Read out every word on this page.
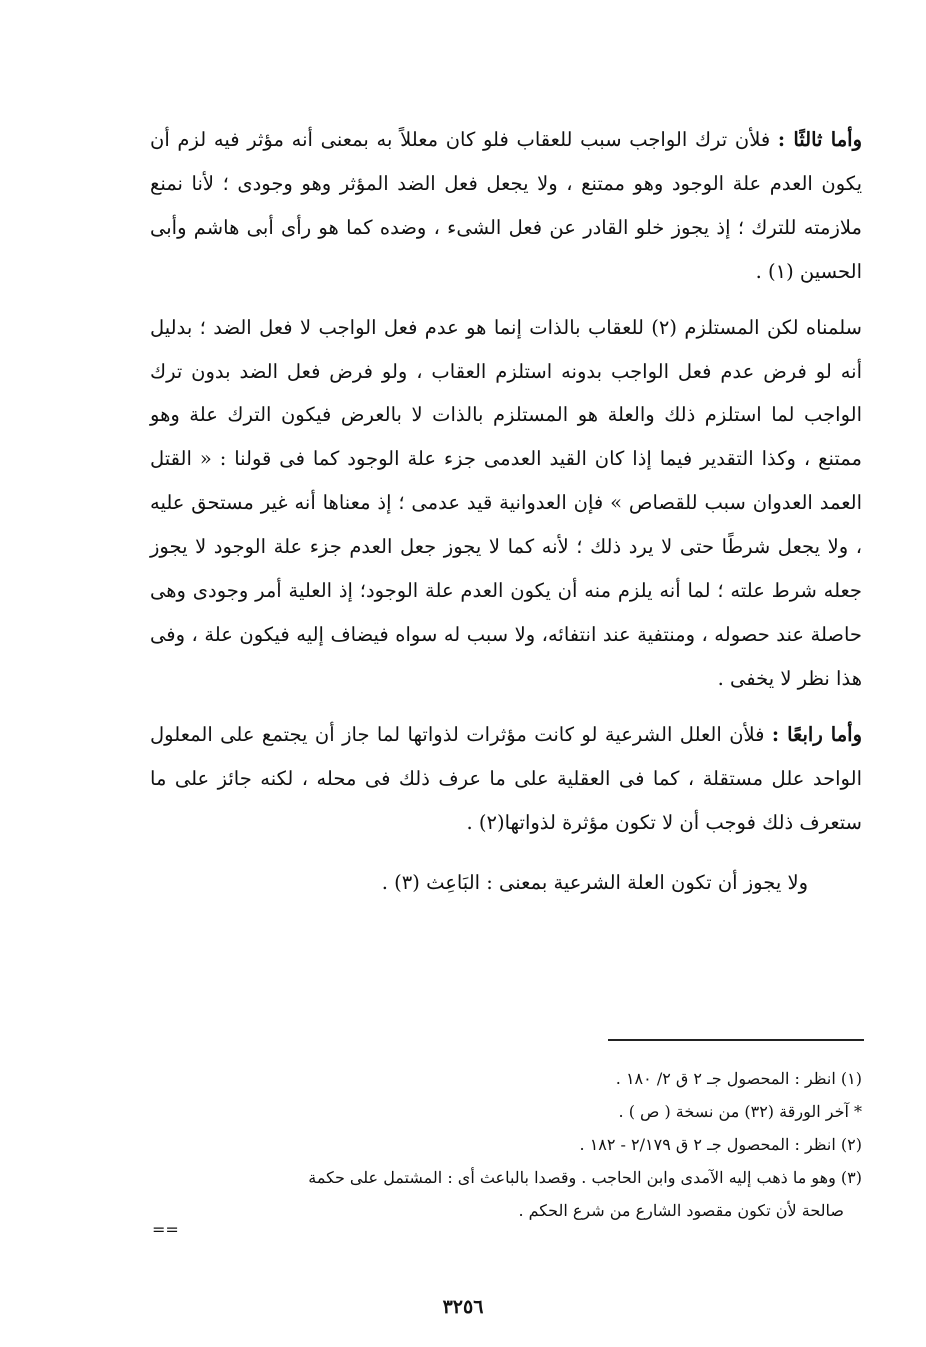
وأما ثالثًا : فلأن ترك الواجب سبب للعقاب فلو كان معللاً به بمعنى أنه مؤثر فيه لزم أن يكون العدم علة الوجود وهو ممتنع ، ولا يجعل فعل الضد المؤثر وهو وجودى ؛ لأنا نمنع ملازمته للترك ؛ إذ يجوز خلو القادر عن فعل الشىء ، وضده كما هو رأى أبى هاشم وأبى الحسين (١) .

سلمناه لكن المستلزم (٢) للعقاب بالذات إنما هو عدم فعل الواجب لا فعل الضد ؛ بدليل أنه لو فرض عدم فعل الواجب بدونه استلزم العقاب ، ولو فرض فعل الضد بدون ترك الواجب لما استلزم ذلك والعلة هو المستلزم بالذات لا بالعرض فيكون الترك علة وهو ممتنع ، وكذا التقدير فيما إذا كان القيد العدمى جزء علة الوجود كما فى قولنا : « القتل العمد العدوان سبب للقصاص » فإن العدوانية قيد عدمى ؛ إذ معناها أنه غير مستحق عليه ، ولا يجعل شرطًا حتى لا يرد ذلك ؛ لأنه كما لا يجوز جعل العدم جزء علة الوجود لا يجوز جعله شرط علته ؛ لما أنه يلزم منه أن يكون العدم علة الوجود؛ إذ العلية أمر وجودى وهى حاصلة عند حصوله ، ومنتفية عند انتفائه، ولا سبب له سواه فيضاف إليه فيكون علة ، وفى هذا نظر لا يخفى .

وأما رابعًا : فلأن العلل الشرعية لو كانت مؤثرات لذواتها لما جاز أن يجتمع على المعلول الواحد علل مستقلة ، كما فى العقلية على ما عرف ذلك فى محله ، لكنه جائز على ما ستعرف ذلك فوجب أن لا تكون مؤثرة لذواتها(٢) .

ولا يجوز أن تكون العلة الشرعية بمعنى : البَاعِث (٣) .

(١) انظر : المحصول جـ ٢ ق ٢/ ١٨٠ .

* آخر الورقة (٣٢) من نسخة ( ص ) .

(٢) انظر : المحصول جـ ٢ ق ٢/١٧٩ - ١٨٢ .

(٣) وهو ما ذهب إليه الآمدى وابن الحاجب . وقصدا بالباعث أى : المشتمل على حكمة
صالحة لأن تكون مقصود الشارع من شرع الحكم .

==
٣٢٥٦
